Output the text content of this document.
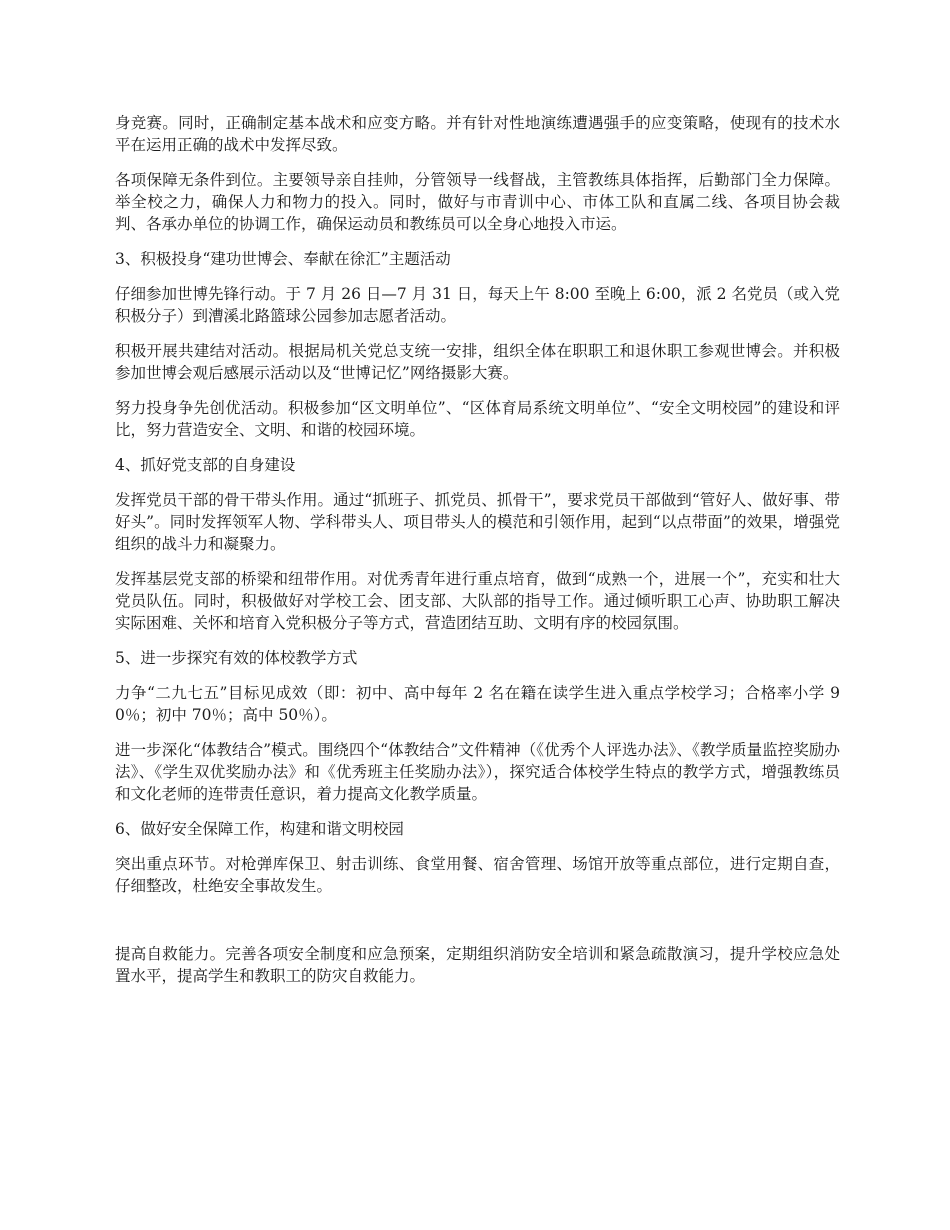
身竞赛。同时，正确制定基本战术和应变方略。并有针对性地演练遭遇强手的应变策略，使现有的技术水平在运用正确的战术中发挥尽致。

各项保障无条件到位。主要领导亲自挂帅，分管领导一线督战，主管教练具体指挥，后勤部门全力保障。举全校之力，确保人力和物力的投入。同时，做好与市青训中心、市体工队和直属二线、各项目协会裁判、各承办单位的协调工作，确保运动员和教练员可以全身心地投入市运。

3、积极投身“建功世博会、奉献在徐汇”主题活动

仔细参加世博先锋行动。于 7 月 26 日—7 月 31 日，每天上午 8:00 至晚上 6:00，派 2 名党员（或入党积极分子）到漕溪北路篮球公园参加志愿者活动。

积极开展共建结对活动。根据局机关党总支统一安排，组织全体在职职工和退休职工参观世博会。并积极参加世博会观后感展示活动以及“世博记忆”网络摄影大赛。

努力投身争先创优活动。积极参加“区文明单位”、“区体育局系统文明单位”、“安全文明校园”的建设和评比，努力营造安全、文明、和谐的校园环境。

4、抓好党支部的自身建设

发挥党员干部的骨干带头作用。通过“抓班子、抓党员、抓骨干”，要求党员干部做到“管好人、做好事、带好头”。同时发挥领军人物、学科带头人、项目带头人的模范和引领作用，起到“以点带面”的效果，增强党组织的战斗力和凝聚力。

发挥基层党支部的桥梁和纽带作用。对优秀青年进行重点培育，做到“成熟一个，进展一个”，充实和壮大党员队伍。同时，积极做好对学校工会、团支部、大队部的指导工作。通过倾听职工心声、协助职工解决实际困难、关怀和培育入党积极分子等方式，营造团结互助、文明有序的校园氛围。

5、进一步探究有效的体校教学方式

力争“二九七五”目标见成效（即：初中、高中每年 2 名在籍在读学生进入重点学校学习；合格率小学 90％；初中 70％；高中 50％）。

进一步深化“体教结合”模式。围绕四个“体教结合”文件精神（《优秀个人评选办法》、《教学质量监控奖励办法》、《学生双优奖励办法》和《优秀班主任奖励办法》），探究适合体校学生特点的教学方式，增强教练员和文化老师的连带责任意识，着力提高文化教学质量。

6、做好安全保障工作，构建和谐文明校园

突出重点环节。对枪弹库保卫、射击训练、食堂用餐、宿舍管理、场馆开放等重点部位，进行定期自查，仔细整改，杜绝安全事故发生。

提高自救能力。完善各项安全制度和应急预案，定期组织消防安全培训和紧急疏散演习，提升学校应急处置水平，提高学生和教职工的防灾自救能力。
